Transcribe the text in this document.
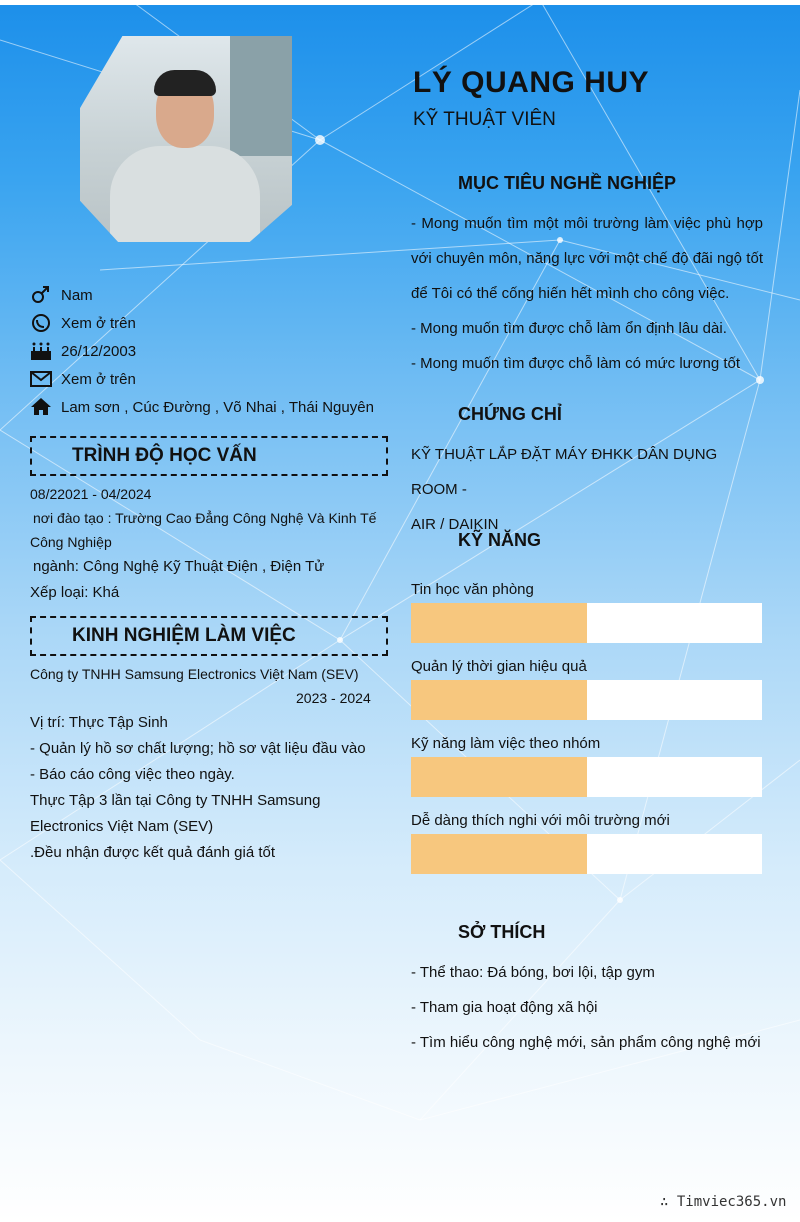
LÝ QUANG HUY
KỸ THUẬT VIÊN
Nam
Xem ở trên
26/12/2003
Xem ở trên
Lam sơn , Cúc Đường , Võ Nhai , Thái Nguyên
TRÌNH ĐỘ HỌC VẤN
08/22021 - 04/2024
nơi đào tạo : Trường Cao Đẳng Công Nghệ Và Kinh Tế
Công Nghiệp
ngành: Công Nghệ Kỹ Thuật Điện , Điện Tử
Xếp loại: Khá
KINH NGHIỆM LÀM VIỆC
Công ty TNHH Samsung Electronics Việt Nam (SEV)
2023 - 2024
Vị trí: Thực Tập Sinh
- Quản lý hồ sơ chất lượng; hồ sơ vật liệu đầu vào
- Báo cáo công việc theo ngày.
Thực Tập 3 lần tại Công ty TNHH Samsung
Electronics Việt Nam (SEV)
.Đều nhận được kết quả đánh giá tốt
MỤC TIÊU NGHỀ NGHIỆP
- Mong muốn tìm một môi trường làm việc phù hợp
với chuyên môn, năng lực với một chế độ đãi ngộ tốt
để Tôi có thể cống hiến hết mình cho công việc.
- Mong muốn tìm được chỗ làm ổn định lâu dài.
- Mong muốn tìm được chỗ làm có mức lương tốt
CHỨNG CHỈ
KỸ THUẬT LẮP ĐẶT MÁY ĐHKK DÂN DỤNG ROOM -
AIR / DAIKIN
KỸ NĂNG
Tin học văn phòng
Quản lý thời gian hiệu quả
Kỹ năng làm việc theo nhóm
Dễ dàng thích nghi với môi trường mới
SỞ THÍCH
- Thể thao: Đá bóng, bơi lội, tập gym
- Tham gia hoạt động xã hội
- Tìm hiểu công nghệ mới, sản phẩm công nghệ mới
∴ Timviec365.vn
